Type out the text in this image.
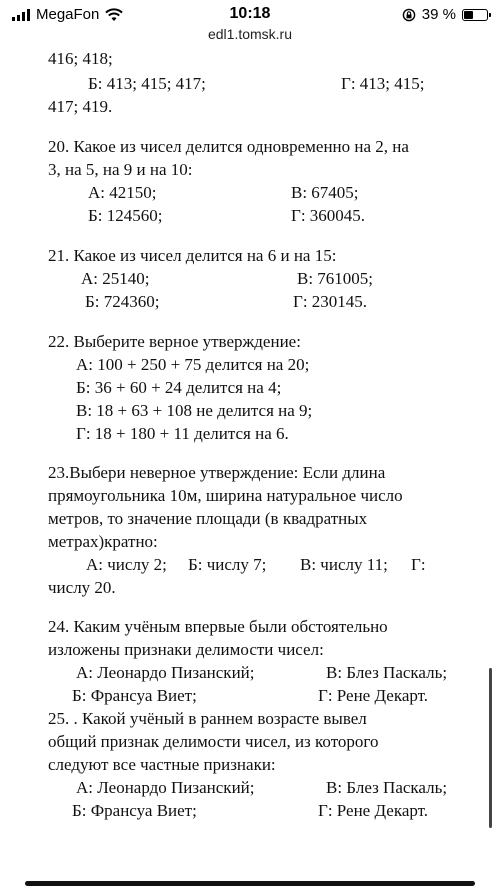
MegaFon	10:18	39 %
edl1.tomsk.ru
416; 418;
Б: 413; 415; 417;	Г: 413; 415;
417; 419.
20. Какое из чисел делится одновременно на 2, на
3, на 5, на 9 и на 10:
А: 42150;	В: 67405;
Б: 124560;	Г: 360045.
21. Какое из чисел делится на 6 и на 15:
А: 25140;	В: 761005;
Б: 724360;	Г: 230145.
22. Выберите верное утверждение:
А: 100 + 250 + 75 делится на 20;
Б: 36 + 60 + 24 делится на 4;
В: 18 + 63 + 108 не делится на 9;
Г: 18 + 180 + 11 делится на 6.
23.Выбери неверное утверждение: Если длина
прямоугольника 10м, ширина натуральное число
метров, то значение площади (в квадратных
метрах)кратно:
А: числу 2; Б: числу 7; В: числу 11; Г:
числу 20.
24. Каким учёным впервые были обстоятельно
изложены признаки делимости чисел:
А: Леонардо Пизанский;	В: Блез Паскаль;
Б: Франсуа Виет;	Г: Рене Декарт.
25. . Какой учёный в раннем возрасте вывел
общий признак делимости чисел, из которого
следуют все частные признаки:
А: Леонардо Пизанский;	В: Блез Паскаль;
Б: Франсуа Виет;	Г: Рене Декарт.
